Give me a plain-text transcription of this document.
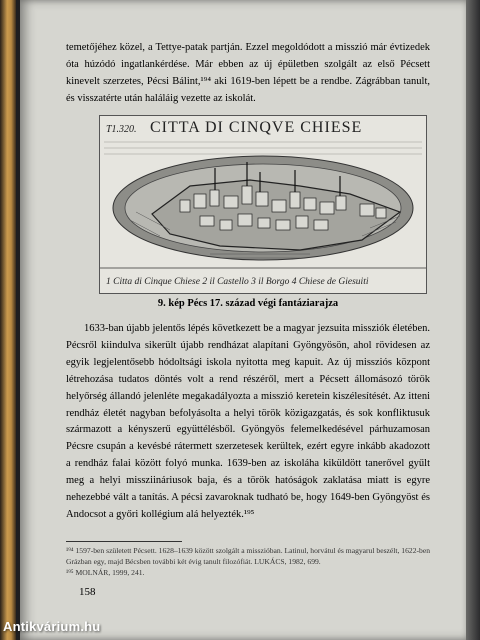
temetőjéhez közel, a Tettye-patak partján. Ezzel megoldódott a misszió már évtizedek óta húzódó ingatlankérdése. Már ebben az új épületben szolgált az első Pécsett kinevelt szerzetes, Pécsi Bálint,¹⁹⁴ aki 1619-ben lépett be a rendbe. Zágrábban tanult, és visszatérte után haláláig vezette az iskolát.

T1.320. CITTA DI CINQVE CHIESE
1 Citta di Cinque Chiese 2 il Castello 3 il Borgo 4 Chiese de Giesuiti
9. kép Pécs 17. század végi fantáziarajza

1633-ban újabb jelentős lépés következett be a magyar jezsuita missziók életében. Pécsről kiindulva sikerült újabb rendházat alapítani Gyöngyösön, ahol rövidesen az egyik legjelentősebb hódoltsági iskola nyitotta meg kapuit. Az új missziós központ létrehozása tudatos döntés volt a rend részéről, mert a Pécsett állomásozó török helyőrség állandó jelenléte megakadályozta a misszió keretein kiszélesítését. Az itteni rendház életét nagyban befolyásolta a helyi török közigazgatás, és sok konfliktusuk származott a kényszerű együttélésből. Gyöngyös felemelkedésével párhuzamosan Pécsre csupán a kevésbé rátermett szerzetesek kerültek, ezért egyre inkább akadozott a rendház falai között folyó munka. 1639-ben az iskoláha kiküldött tanerővel gyűlt meg a helyi missziináriusok baja, és a török hatóságok zaklatása miatt is egyre nehezebbé vált a tanítás. A pécsi zavaroknak tudható be, hogy 1649-ben Gyöngyöst és Andocsot a győri kollégium alá helyezték.¹⁹⁵

¹⁹⁴ 1597-ben született Pécsett. 1628–1639 között szolgált a misszióban. Latinul, horvátul és magyarul beszélt, 1622-ben Grázban egy, majd Bécsben további két évig tanult filozófiát. LUKÁCS, 1982, 699.
¹⁹⁵ MOLNÁR, 1999, 241.
158
Antikvárium.hu
